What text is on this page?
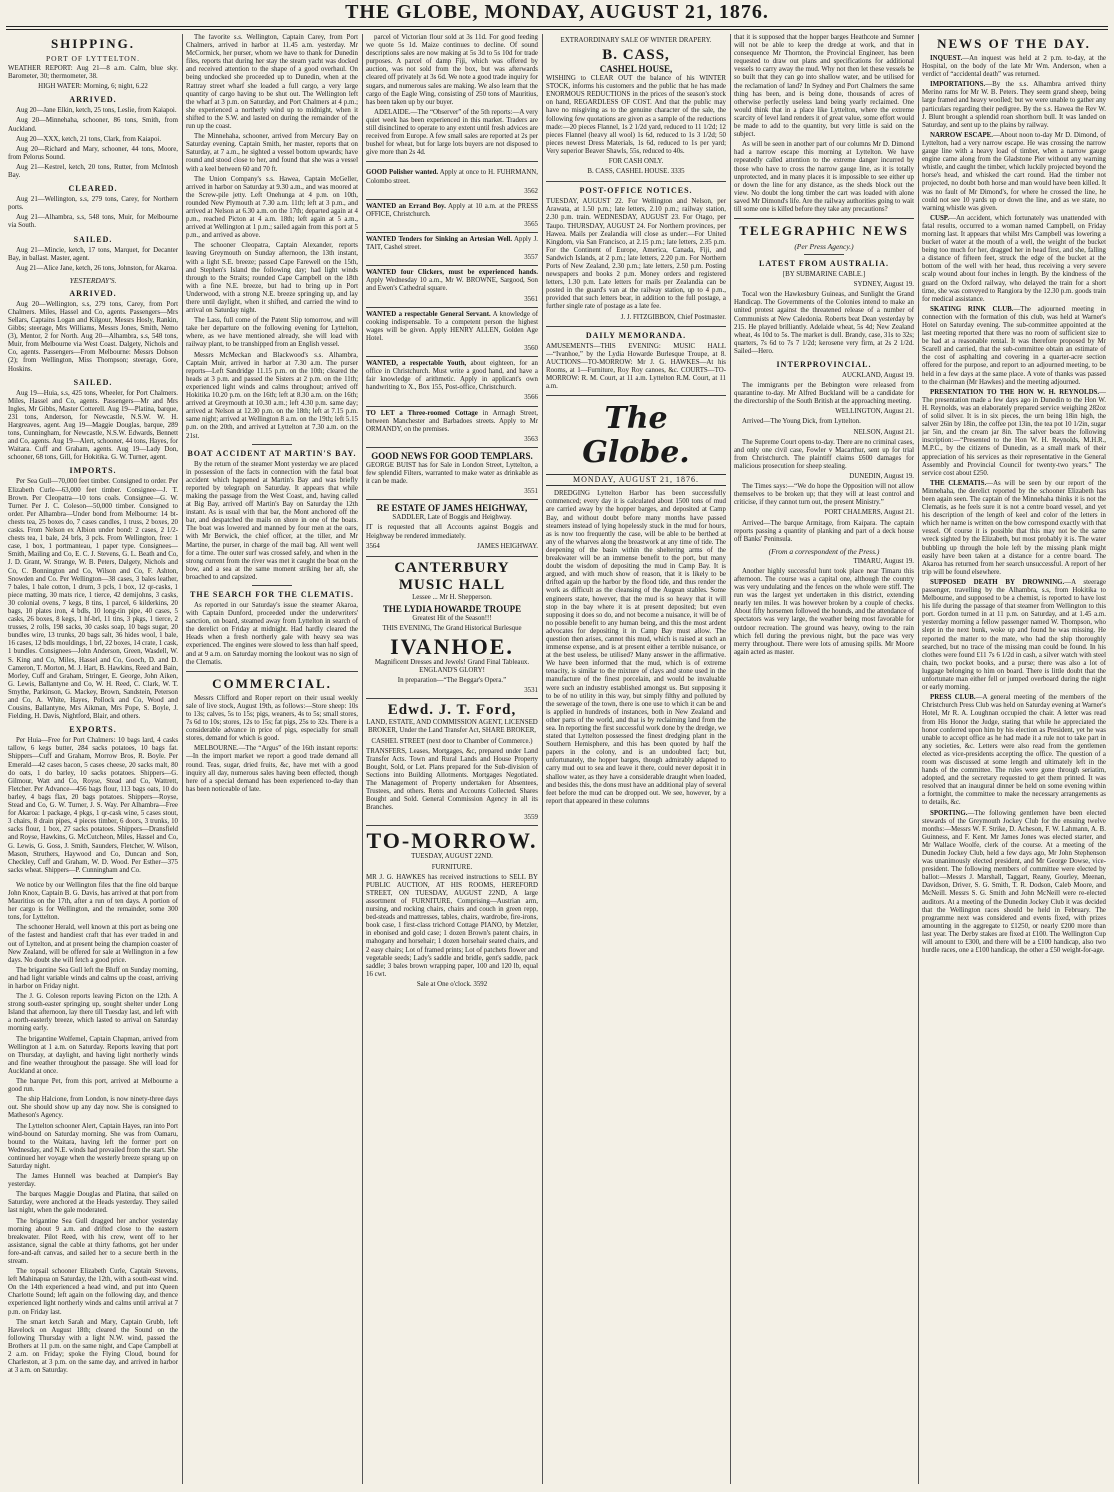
THE GLOBE, MONDAY, AUGUST 21, 1876.
SHIPPING.
PORT OF LYTTELTON.

WEATHER REPORT: Aug 21—8 a.m. Calm, blue sky. Barometer, 30; thermometer, 38.

HIGH WATER: Morning, 6; night, 6.22

ARRIVED.

Aug 20—Jane Elkin, ketch, 25 tons, Leslie, from Kaiapoi.

Aug 20—Minnehaha, schooner, 86 tons, Smith, from Auckland.

Aug 20—XXX, ketch, 21 tons, Clark, from Kaiapoi.

Aug 20—Richard and Mary, schooner, 44 tons, Moore, from Pelorus Sound.

Aug 21—Kestrel, ketch, 20 tons, Rutter, from McIntosh Bay.

CLEARED.

Aug 21—Wellington, s.s, 279 tons, Carey, for Northern ports.

Aug 21—Alhambra, s.s, 548 tons, Muir, for Melbourne via South.

SAILED.

Aug 21—Mincie, ketch, 17 tons, Marquet, for Decanter Bay, in ballast. Master, agent.

Aug 21—Alice Jane, ketch, 26 tons, Johnston, for Akaroa.

YESTERDAY'S.
ARRIVED.

Aug 20—Wellington, s.s, 279 tons, Carey, from Port Chalmers. Miles, Hassel and Co, agents. Passengers—Mrs Sellars, Captains Logan and Kilgour, Messrs Hosly, Rankin, Gibbs; steerage, Mrs Williams, Messrs Jones, Smith, Nemo (3), Mentor, 2 for North. Aug 20—Alhambra, s.s, 548 tons, Muir, from Melbourne via West Coast. Dalgety, Nichols and Co, agents. Passengers—From Melbourne: Messrs Dobson (2); from Wellington, Miss Thompson; steerage, Gore, Hoskins.

SAILED.

Aug 19—Huia, s.s, 425 tons, Wheeler, for Port Chalmers. Miles, Hassel and Co, agents. Passengers—Mr and Mrs Ingles, Mr Gibbs, Master Cotterell. Aug 19—Platina, barque, 231 tons, Anderson, for Newcastle, N.S.W. W. H. Hargreaves, agent. Aug 19—Maggie Douglas, barque, 289 tons, Cunningham, for Newcastle, N.S.W. Edwards, Bennett and Co, agents. Aug 19—Alert, schooner, 44 tons, Hayes, for Waitara. Cuff and Graham, agents. Aug 19—Lady Don, schooner, 68 tons, Gill, for Hokitika. G. W. Turner, agent.

IMPORTS.

Per Sea Gull—70,000 feet timber. Consigned to order. Per Elizabeth Curle—63,000 feet timber. Consignee—J. T. Brown. Per Cleopatra—10 tons coals. Consignee—G. W. Turner. Per J. C. Coleson—50,000 timber. Consigned to order. Per Alhambra—Under bond from Melbourne: 14 bt-chests tea, 25 boxes do, 7 cases candles, 1 truss, 2 boxes, 20 casks. From Nelson ex Albion under bond: 2 cases, 2 1/2-chests tea, 1 bale, 24 brls, 3 pcls. From Wellington, free: 1 case, 1 box, 1 portmanteau, 1 paper type. Consignees—Smith, Mailing and Co, E. C. J. Stevens, G. L. Beath and Co, J. D. Grant, W. Strange, W. B. Peters, Dalgety, Nichols and Co, C. Bonnington and Co, Wilson and Co, F. Ashton, Snowden and Co. Per Wellington—38 cases, 3 bales leather, 7 bales, 1 bale cotton, 1 drum, 3 pcls, 1 box, 12 qr-casks, 1 piece matting, 30 mats rice, 1 tierce, 42 demijohns, 3 casks, 30 colonial ovens, 7 kegs, 8 tins, 1 parcel, 6 kilderkins, 20 bags, 10 plates iron, 4 bdls, 10 long-tin pipe, 40 cases, 5 casks, 26 boxes, 8 kegs, 1 hf-brl, 11 tins, 3 pkgs, 1 tierce, 2 trusses, 2 rolls, 198 sacks, 30 casks soap, 10 bags sugar, 20 bundles wire, 13 trunks, 20 bags salt, 36 hides wool, 1 bale, 16 cases, 12 bdls mouldings, 1 brl, 22 boxes, 14 crate, 1 cask, 1 bundles. Consignees—John Anderson, Green, Wasdell, W. S. King and Co, Miles, Hassel and Co, Gooch, D. and D. Cameron, T. Morton, M. J. Hart, B. Hawkins, Reed and Bain, Morley, Cuff and Graham, Stringer, E. George, John Aiken, G. Lewis, Ballantyne and Co, W. H. Reed, C. Clark, W. T. Smythe, Parkinson, G. Mackey, Brown, Sandstein, Peterson and Co, A. White, Hayes, Pollock and Co, Wood and Cousins, Ballantyne, Mrs Aikman, Mrs Pope, S. Boyle, J. Fielding, H. Davis, Nightford, Blair, and others.

EXPORTS.

Per Huia—Free for Port Chalmers: 10 bags lard, 4 casks tallow, 6 kegs butter, 284 sacks potatoes, 10 bags fat. Shippers—Cuff and Graham, Morrow Bros, R. Boyle. Per Emerald—42 cases bacon, 5 cases cheese, 20 sacks malt, 80 do oats, 1 do barley, 10 sacks potatoes. Shippers—G. Gilmour, Watt and Co, Royse, Stead and Co, Wattrett, Fletcher. Per Advance—456 bags flour, 113 bags oats, 10 do barley, 4 bags flax, 20 bags potatoes. Shippers—Royse, Stead and Co, G. W. Turner, J. S. Way. Per Alhambra—Free for Akaroa: 1 package, 4 pkgs, 1 qr-cask wine, 5 cases stout, 3 chairs, 8 drain pipes, 4 pieces timber, 6 doors, 3 trunks, 10 sacks flour, 1 box, 27 sacks potatoes. Shippers—Dransfield and Royse, Hawkins, G. McCutcheon, Miles, Hassel and Co, G. Lewis, G. Goss, J. Smith, Saunders, Fletcher, W. Wilson, Mason, Struthers, Haywood and Co, Duncan and Son, Checkley, Cuff and Graham, W. D. Wood. Per Esther—375 sacks wheat. Shippers—P. Cunningham and Co.

We notice by our Wellington files that the fine old barque John Knox, Captain B. G. Davis, has arrived at that port from Mauritius on the 17th, after a run of ten days. A portion of her cargo is for Wellington, and the remainder, some 300 tons, for Lyttelton.

The schooner Herald, well known at this port as being one of the fastest and handiest craft that has ever traded in and out of Lyttelton, and at present being the champion coaster of New Zealand, will be offered for sale at Wellington in a few days. No doubt she will fetch a good price.

The brigantine Sea Gull left the Bluff on Sunday morning, and had light variable winds and calms up the coast, arriving in harbor on Friday night.

The J. G. Coleson reports leaving Picton on the 12th. A strong south-easter springing up, sought shelter under Long Island that afternoon, lay there till Tuesday last, and left with a north-easterly breeze, which lasted to arrival on Saturday morning early.

The brigantine Wolfemel, Captain Chapman, arrived from Wellington at 1 a.m. on Saturday. Reports leaving that port on Thursday, at daylight, and having light northerly winds and fine weather throughout the passage. She will load for Auckland at once.

The barque Pet, from this port, arrived at Melbourne a good run.

The ship Halcione, from London, is now ninety-three days out. She should show up any day now. She is consigned to Matheson's Agency.

The Lyttelton schooner Alert, Captain Hayes, ran into Port wind-bound on Saturday morning. She was from Oamaru, bound to the Waitara, having left the former port on Wednesday, and N.E. winds had prevailed from the start. She continued her voyage when the westerly breeze sprang up on Saturday night.

The James Hunnell was beached at Dampier's Bay yesterday.

The barques Maggie Douglas and Platina, that sailed on Saturday, were anchored at the Heads yesterday. They sailed last night, when the gale moderated.

The brigantine Sea Gull dragged her anchor yesterday morning about 9 a.m. and drifted close to the eastern breakwater. Pilot Reed, with his crew, went off to her assistance, signal the cable at thirty fathoms, got her under fore-and-aft canvas, and sailed her to a secure berth in the stream.

The topsail schooner Elizabeth Curle, Captain Stevens, left Mahinapua on Saturday, the 12th, with a south-east wind. On the 14th experienced a head wind, and put into Queen Charlotte Sound; left again on the following day, and thence experienced light northerly winds and calms until arrival at 7 p.m. on Friday last.

The smart ketch Sarah and Mary, Captain Grubb, left Havelock on August 18th; cleared the Sound on the following Thursday with a light N.W. wind, passed the Brothers at 11 p.m. on the same night, and Cape Campbell at 2 a.m. on Friday; spoke the Flying Cloud, bound for Charleston, at 3 p.m. on the same day, and arrived in harbor at 3 a.m. on Saturday.

The favorite s.s. Wellington, Captain Carey, from Port Chalmers, arrived in harbor at 11.45 a.m. yesterday. Mr McCormick, her purser, whom we have to thank for Dunedin files, reports that during her stay the steam yacht was docked and received attention to the shape of a good overhaul. On being undocked she proceeded up to Dunedin, when at the Rattray street wharf she loaded a full cargo, a very large quantity of cargo having to be shut out. The Wellington left the wharf at 3 p.m. on Saturday, and Port Chalmers at 4 p.m.; she experienced a northerly wind up to midnight, when it shifted to the S.W. and lasted on during the remainder of the run up the coast.

The Minnehaha, schooner, arrived from Mercury Bay on Saturday evening. Captain Smith, her master, reports that on Saturday, at 7 a.m., he sighted a vessel bottom upwards; have round and stood close to her, and found that she was a vessel with a keel between 60 and 70 ft.

The Union Company's s.s. Hawea, Captain McGeller, arrived in harbor on Saturday at 9.30 a.m., and was moored at the Screw-pile jetty. Left Onehunga at 4 p.m. on 10th, rounded New Plymouth at 7.30 a.m. 11th; left at 3 p.m., and arrived at Nelson at 6.30 a.m. on the 17th; departed again at 4 p.m., reached Picton at 4 a.m. 18th; left again at 5 a.m., arrived at Wellington at 1 p.m.; sailed again from this port at 5 p.m., and arrived as above.

The schooner Cleopatra, Captain Alexander, reports leaving Greymouth on Sunday afternoon, the 13th instant, with a light S.E. breeze; passed Cape Farewell on the 15th, and Stephen's Island the following day; had light winds through to the Straits; rounded Cape Campbell on the 18th with a fine N.E. breeze, but had to bring up in Port Underwood, with a strong N.E. breeze springing up, and lay there until daylight, when it shifted, and carried the wind to arrival on Saturday night.

The Lass, full come of the Patent Slip tomorrow, and will take her departure on the following evening for Lyttelton, where, as we have mentioned already, she will load with railway plant, to be transhipped from an English vessel.

Messrs McMeckan and Blackwood's s.s. Alhambra, Captain Muir, arrived in harbor at 7.30 a.m. The purser reports—Left Sandridge 11.15 p.m. on the 10th; cleared the heads at 3 p.m. and passed the Sisters at 2 p.m. on the 11th; experienced light winds and calms throughout; arrived off Hokitika 10.20 p.m. on the 16th; left at 8.30 a.m. on the 16th; arrived at Greymouth at 10.30 a.m.; left 4.30 p.m. same day; arrived at Nelson at 12.30 p.m. on the 18th; left at 7.15 p.m. same night; arrived at Wellington 8 a.m. on the 19th; left 5.15 p.m. on the 20th, and arrived at Lyttelton at 7.30 a.m. on the 21st.

BOAT ACCIDENT AT MARTIN'S BAY.

By the return of the steamer Mont yesterday we are placed in possession of the facts in connection with the fatal boat accident which happened at Martin's Bay and was briefly reported by telegraph on Saturday. It appears that while making the passage from the West Coast, and, having called at Big Bay, arrived off Martin's Bay on Saturday the 12th instant. As is usual with that bar, the Mont anchored off the bar, and despatched the mails on shore in one of the boats. The boat was lowered and manned by four men at the oars, with Mr Berwick, the chief officer, at the tiller, and Mr Martine, the purser, in charge of the mail bag. All went well for a time. The outer surf was crossed safely, and when in the strong current from the river was met it caught the boat on the bow, and a sea at the same moment striking her aft, she broached to and capsized.

THE SEARCH FOR THE CLEMATIS.

As reported in our Saturday's issue the steamer Akaroa, with Captain Dunford, proceeded under the underwriters' sanction, on board, steamed away from Lyttelton in search of the derelict on Friday at midnight. Had hardly cleared the Heads when a fresh northerly gale with heavy sea was experienced. The engines were slowed to less than half speed, and at 9 a.m. on Saturday morning the lookout was no sign of the Clematis.

COMMERCIAL.

Messrs Clifford and Roper report on their usual weekly sale of live stock, August 19th, as follows:—Store sheep: 10s to 13s; calves, 5s to 15s; pigs, weaners, 4s to 5s; small stores, 7s 6d to 10s; stores, 12s to 15s; fat pigs, 25s to 32s. There is a considerable advance in price of pigs, especially for small stores, demand for which is good.

MELBOURNE.—The “Argus” of the 16th instant reports:—In the import market we report a good trade demand all round. Teas, sugar, dried fruits, &c, have met with a good inquiry all day, numerous sales having been effected, though here of a special demand has been experienced to-day than has been noticeable of late.

parcel of Victorian flour sold at 3s 11d. For good feeding we quote 5s 1d. Maize continues to decline. Of sound descriptions sales are now making at 5s 3d to 5s 10d for trade purposes. A parcel of damp Fiji, which was offered by auction, was not sold from the box, but was afterwards cleared off privately at 3s 6d. We note a good trade inquiry for sugars, and numerous sales are making. We also learn that the cargo of the Eagle Wing, consisting of 250 tons of Mauritius, has been taken up by our buyer.

ADELAIDE.—The “Observer” of the 5th reports:—A very quiet week has been experienced in this market. Traders are still disinclined to operate to any extent until fresh advices are received from Europe. A few small sales are reported at 2s per bushel for wheat, but for large lots buyers are not disposed to give more than 2s 4d.

GOOD Polisher wanted. Apply at once to H. FUHRMANN, Colombo street.

3562

WANTED an Errand Boy. Apply at 10 a.m. at the PRESS OFFICE, Christchurch.

3565

WANTED Tenders for Sinking an Artesian Well. Apply J. TAIT, Cashel street.

3557

WANTED four Clickers, must be experienced hands. Apply Wednesday 10 a.m., Mr W. BROWNE, Sargood, Son and Ewen's Cathedral square.

3561

WANTED a respectable General Servant. A knowledge of cooking indispensable. To a competent person the highest wages will be given. Apply HENRY ALLEN, Golden Age Hotel.

3560

WANTED, a respectable Youth, about eighteen, for an office in Christchurch. Must write a good hand, and have a fair knowledge of arithmetic. Apply in applicant's own handwriting to X., Box 155, Post-office, Christchurch.

3566

TO LET a Three-roomed Cottage in Armagh Street, between Manchester and Barbadoes streets. Apply to Mr ORMANDY, on the premises.

3563
GOOD NEWS FOR GOOD TEMPLARS.

GEORGE BUIST has for Sale in London Street, Lyttelton, a few splendid Filters, warranted to make water as drinkable as it can be made.

3551
RE ESTATE OF JAMES HEIGHWAY,

SADDLER, Late of Boggis and Heighway.

IT is requested that all Accounts against Boggis and Heighway be rendered immediately.

3564	JAMES HEIGHWAY.

CANTERBURY MUSIC HALL

Lessee ... Mr H. Shepperson.

THE LYDIA HOWARDE TROUPE

Greatest Hit of the Season!!!

THIS EVENING, The Grand Historical Burlesque

IVANHOE.

Magnificent Dresses and Jewels! Grand Final Tableaux. ENGLAND'S GLORY!

In preparation—“The Beggar's Opera.”

3531
Edwd. J. T. Ford,

LAND, ESTATE, AND COMMISSION AGENT, LICENSED BROKER, Under the Land Transfer Act, SHARE BROKER,

CASHEL STREET (next door to Chamber of Commerce.)

TRANSFERS, Leases, Mortgages, &c, prepared under Land Transfer Acts. Town and Rural Lands and House Property Bought, Sold, or Let. Plans prepared for the Sub-division of Sections into Building Allotments. Mortgages Negotiated. The Management of Property undertaken for Absentees, Trustees, and others. Rents and Accounts Collected. Shares Bought and Sold. General Commission Agency in all its Branches.

3559
TO-MORROW.

TUESDAY, AUGUST 22ND.

FURNITURE.

MR J. G. HAWKES has received instructions to SELL BY PUBLIC AUCTION, AT HIS ROOMS, HEREFORD STREET, ON TUESDAY, AUGUST 22ND, A large assortment of FURNITURE, Comprising—Austrian arm, nursing, and rocking chairs, chairs and couch in green repp, bed-steads and mattresses, tables, chairs, wardrobe, fire-irons, book case, 1 first-class trichord Cottage PIANO, by Metzler, in ebonised and gold case; 1 dozen Brown's patent chairs, in mahogany and horsehair; 1 dozen horsehair seated chairs, and 2 easy chairs; Lot of framed prints; Lot of patchets flower and vegetable seeds; Lady's saddle and bridle, gent's saddle, pack saddle; 3 bales brown wrapping paper, 100 and 120 lb, equal 16 cwt.

Sale at One o'clock. 3592

EXTRAORDINARY SALE OF WINTER DRAPERY.

B. CASS,
CASHEL HOUSE,

WISHING to CLEAR OUT the balance of his WINTER STOCK, informs his customers and the public that he has made ENORMOUS REDUCTIONS in the prices of the season's stock on hand, REGARDLESS OF COST. And that the public may have no misgiving as to the genuine character of the sale, the following few quotations are given as a sample of the reductions made:—20 pieces Flannel, 1s 2 1/2d yard, reduced to 11 1/2d; 12 pieces Flannel (heavy all wool) 1s 6d, reduced to 1s 3 1/2d; 50 pieces newest Dress Materials, 1s 6d, reduced to 1s per yard; Very superior Beaver Shawls, 55s, reduced to 40s.

FOR CASH ONLY.

B. CASS, CASHEL HOUSE. 3335

POST-OFFICE NOTICES.

TUESDAY, AUGUST 22. For Wellington and Nelson, per Arawata, at 1.50 p.m.; late letters, 2.10 p.m.; railway station, 2.30 p.m. train. WEDNESDAY, AUGUST 23. For Otago, per Taupo. THURSDAY, AUGUST 24. For Northern provinces, per Hawea. Mails per Zealandia will close as under:—For United Kingdom, via San Francisco, at 2.15 p.m.; late letters, 2.35 p.m. For the Continent of Europe, America, Canada, Fiji, and Sandwich Islands, at 2 p.m.; late letters, 2.20 p.m. For Northern Ports of New Zealand, 2.30 p.m.; late letters, 2.50 p.m. Posting newspapers and books 2 p.m. Money orders and registered letters, 1.30 p.m. Late letters for mails per Zealandia can be posted in the guard's van at the railway station, up to 4 p.m., provided that such letters bear, in addition to the full postage, a further single rate of postage as a late fee.

J. J. FITZGIBBON, Chief Postmaster.

DAILY MEMORANDA.

AMUSEMENTS—THIS EVENING: MUSIC HALL—“Ivanhoe,” by the Lydia Howarde Burlesque Troupe, at 8. AUCTIONS—TO-MORROW: Mr J. G. HAWKES—At his Rooms, at 1—Furniture, Roy Roy canoes, &c. COURTS—TO-MORROW: R. M. Court, at 11 a.m. Lyttelton R.M. Court, at 11 a.m.

The Globe.
MONDAY, AUGUST 21, 1876.

DREDGING Lyttelton Harbor has been successfully commenced; every day it is calculated about 1500 tons of mud are carried away by the hopper barges, and deposited at Camp Bay, and without doubt before many months have passed steamers instead of lying hopelessly stuck in the mud for hours, as is now too frequently the case, will be able to be berthed at any of the wharves along the breastwork at any time of tide. The deepening of the basin within the sheltering arms of the breakwater will be an immense benefit to the port, but many doubt the wisdom of depositing the mud in Camp Bay. It is argued, and with much show of reason, that it is likely to be drifted again up the harbor by the flood tide, and thus render the work as difficult as the cleansing of the Augean stables. Some engineers state, however, that the mud is so heavy that it will stop in the bay where it is at present deposited; but even supposing it does so do, and not become a nuisance, it will be of no possible benefit to any human being, and this the most ardent advocates for depositing it in Camp Bay must allow. The question then arises, cannot this mud, which is raised at such an immense expense, and is at present either a terrible nuisance, or at the best useless, be utilised? Many answer in the affirmative. We have been informed that the mud, which is of extreme tenacity, is similar to the mixture of clays and stone used in the manufacture of the finest porcelain, and would be invaluable were such an industry established amongst us. But supposing it to be of no utility in this way, but simply filthy and polluted by the sewerage of the town, there is one use to which it can be and is applied in hundreds of instances, both in New Zealand and other parts of the world, and that is by reclaiming land from the sea. In reporting the first successful work done by the dredge, we stated that Lyttelton possessed the finest dredging plant in the Southern Hemisphere, and this has been quoted by half the papers in the colony, and is an undoubted fact; but, unfortunately, the hopper barges, though admirably adapted to carry mud out to sea and leave it there, could never deposit it in shallow water, as they have a considerable draught when loaded, and besides this, the dons must have an additional play of several feet before the mud can be dropped out. We see, however, by a report that appeared in these columns

that it is supposed that the hopper barges Heathcote and Sumner will not be able to keep the dredge at work, and that in consequence Mr Thornton, the Provincial Engineer, has been requested to draw out plans and specifications for additional vessels to carry away the mud. Why not then let these vessels be so built that they can go into shallow water, and be utilised for the reclamation of land? In Sydney and Port Chalmers the same thing has been, and is being done, thousands of acres of otherwise perfectly useless land being yearly reclaimed. One would think that in a place like Lyttelton, where the extreme scarcity of level land renders it of great value, some effort would be made to add to the quantity, but very little is said on the subject.

As will be seen in another part of our columns Mr D. Dimond had a narrow escape this morning at Lyttelton. We have repeatedly called attention to the extreme danger incurred by those who have to cross the narrow gauge line, as it is totally unprotected, and in many places it is impossible to see either up or down the line for any distance, as the sheds block out the view. No doubt the long timber the cart was loaded with alone saved Mr Dimond's life. Are the railway authorities going to wait till some one is killed before they take any precautions?

TELEGRAPHIC NEWS
(Per Press Agency.)
LATEST FROM AUSTRALIA.

[BY SUBMARINE CABLE.]

SYDNEY, August 19.

Tocal won the Hawkesbury Guineas, and Sunlight the Grand Handicap. The Governments of the Colonies intend to make an united protest against the threatened release of a number of Communists at New Caledonia. Roberts beat Dean yesterday by 215. He played brilliantly. Adelaide wheat, 5s 4d; New Zealand wheat, 4s 10d to 5s. The market is dull. Brandy, case, 31s to 32s; quarters, 7s 6d to 7s 7 1/2d; kerosene very firm, at 2s 2 1/2d. Sailed—Hero.

INTERPROVINCIAL.

AUCKLAND, August 19.

The immigrants per the Bebington were released from quarantine to-day. Mr Alfred Buckland will be a candidate for the directorship of the South British at the approaching meeting.

WELLINGTON, August 21.

Arrived—The Young Dick, from Lyttelton.

NELSON, August 21.

The Supreme Court opens to-day. There are no criminal cases, and only one civil case, Fowler v Macarthur, sent up for trial from Christchurch. The plaintiff claims £600 damages for malicious prosecution for sheep stealing.

DUNEDIN, August 19.

The Times says:—“We do hope the Opposition will not allow themselves to be broken up; that they will at least control and criticise, if they cannot turn out, the present Ministry.”

PORT CHALMERS, August 21.

Arrived—The barque Armitage, from Kaipara. The captain reports passing a quantity of planking and part of a deck house off Banks' Peninsula.

(From a correspondent of the Press.)

TIMARU, August 19.

Another highly successful hunt took place near Timaru this afternoon. The course was a capital one, although the country was very undulating and the fences on the whole were stiff. The run was the largest yet undertaken in this district, extending nearly ten miles. It was however broken by a couple of checks. About fifty horsemen followed the hounds, and the attendance of spectators was very large, the weather being most favorable for outdoor recreation. The ground was heavy, owing to the rain which fell during the previous night, but the pace was very merry throughout. There were lots of amusing spills. Mr Moore again acted as master.

NEWS OF THE DAY.

INQUEST.—An inquest was held at 2 p.m. to-day, at the Hospital, on the body of the late Mr Wm. Anderson, when a verdict of “accidental death” was returned.

IMPORTATIONS.—By the s.s. Alhambra arrived thirty Merino rams for Mr W. B. Peters. They seem grand sheep, being large framed and heavy woolled; but we were unable to gather any particulars regarding their pedigree. By the s.s. Hawea the Rev W. J. Blunt brought a splendid roan shorthorn bull. It was landed on Saturday, and sent up to the plains by railway.

NARROW ESCAPE.—About noon to-day Mr D. Dimond, of Lyttelton, had a very narrow escape. He was crossing the narrow gauge line with a heavy load of timber, when a narrow gauge engine came along from the Gladstone Pier without any warning whistle, and caught the timber, which luckily projected beyond the horse's head, and whisked the cart round. Had the timber not projected, no doubt both horse and man would have been killed. It was no fault of Mr Dimond's, for where he crossed the line, he could not see 10 yards up or down the line, and as we state, no warning whistle was given.

CUSP.—An accident, which fortunately was unattended with fatal results, occurred to a woman named Campbell, on Friday morning last. It appears that whilst Mrs Campbell was lowering a bucket of water at the mouth of a well, the weight of the bucket being too much for her, dragged her in head first, and she, falling a distance of fifteen feet, struck the edge of the bucket at the bottom of the well with her head, thus receiving a very severe scalp wound about four inches in length. By the kindness of the guard on the Oxford railway, who delayed the train for a short time, she was conveyed to Rangiora by the 12.30 p.m. goods train for medical assistance.

SKATING RINK CLUB.—The adjourned meeting in connection with the formation of this club, was held at Warner's Hotel on Saturday evening. The sub-committee appointed at the last meeting reported that there was no room of sufficient size to be had at a reasonable rental. It was therefore proposed by Mr Scarell and carried, that the sub-committee obtain an estimate of the cost of asphalting and covering in a quarter-acre section offered for the purpose, and report to an adjourned meeting, to be held in a few days at the same place. A vote of thanks was passed to the chairman (Mr Hawkes) and the meeting adjourned.

PRESENTATION TO THE HON W. H. REYNOLDS.—The presentation made a few days ago in Dunedin to the Hon W. H. Reynolds, was an elaborately prepared service weighing 282oz of solid silver. It is in six pieces, the urn being 18in high, the salver 26in by 18in, the coffee pot 13in, the tea pot 10 1/2in, sugar jar 5in, and the cream jar 8in. The salver bears the following inscription:—“Presented to the Hon W. H. Reynolds, M.H.R., M.P.C., by the citizens of Dunedin, as a small mark of their appreciation of his services as their representative in the General Assembly and Provincial Council for twenty-two years.” The service cost about £250.

THE CLEMATIS.—As will be seen by our report of the Minnehaha, the derelict reported by the schooner Elizabeth has been again seen. The captain of the Minnehaha thinks it is not the Clematis, as he feels sure it is not a centre board vessel, and yet his description of the length of keel and color of the letters in which her name is written on the bow correspond exactly with that vessel. Of course it is possible that this may not be the same wreck sighted by the Elizabeth, but most probably it is. The water bubbling up through the hole left by the missing plank might easily have been taken at a distance for a centre board. The Akaroa has returned from her search unsuccessful. A report of her trip will be found elsewhere.

SUPPOSED DEATH BY DROWNING.—A steerage passenger, travelling by the Alhambra, s.s, from Hokitika to Melbourne, and supposed to be a chemist, is reported to have lost his life during the passage of that steamer from Wellington to this port. Gordon turned in at 11 p.m. on Saturday, and at 1.45 a.m. yesterday morning a fellow passenger named W. Thompson, who slept in the next bunk, woke up and found he was missing. He reported the matter to the mate, who had the ship thoroughly searched, but no trace of the missing man could be found. In his clothes were found £11 7s 6 1/2d in cash, a silver watch with steel chain, two pocket books, and a purse; there was also a lot of luggage belonging to him on board. There is little doubt that the unfortunate man either fell or jumped overboard during the night or early morning.

PRESS CLUB.—A general meeting of the members of the Christchurch Press Club was held on Saturday evening at Warner's Hotel, Mr R. A. Loughnan occupied the chair. A letter was read from His Honor the Judge, stating that while he appreciated the honor conferred upon him by his election as President, yet he was unable to accept office as he had made it a rule not to take part in any societies, &c. Letters were also read from the gentlemen elected as vice-presidents accepting the office. The question of a room was discussed at some length and ultimately left in the hands of the committee. The rules were gone through seriatim, adopted, and the secretary requested to get them printed. It was resolved that an inaugural dinner be held on some evening within a fortnight, the committee to make the necessary arrangements as to details, &c.

SPORTING.—The following gentlemen have been elected stewards of the Greymouth Jockey Club for the ensuing twelve months:—Messrs W. F. Strike, D. Acheson, F. W. Lahmann, A. B. Guinness, and F. Kent. Mr James Jones was elected starter, and Mr Wallace Woolfe, clerk of the course. At a meeting of the Dunedin Jockey Club, held a few days ago, Mr John Stephenson was unanimously elected president, and Mr George Dowse, vice-president. The following members of committee were elected by ballot:—Messrs J. Marshall, Taggart, Reany, Gourley, Meenan, Davidson, Driver, S. G. Smith, T. R. Dodson, Caleb Moore, and McNeill. Messrs S. G. Smith and John McNeill were re-elected auditors. At a meeting of the Dunedin Jockey Club it was decided that the Wellington races should be held in February. The programme next was considered and events fixed, with prizes amounting in the aggregate to £1250, or nearly £200 more than last year. The Derby stakes are fixed at £100. The Wellington Cup will amount to £300, and there will be a £100 handicap, also two hurdle races, one a £100 handicap, the other a £50 weight-for-age.
